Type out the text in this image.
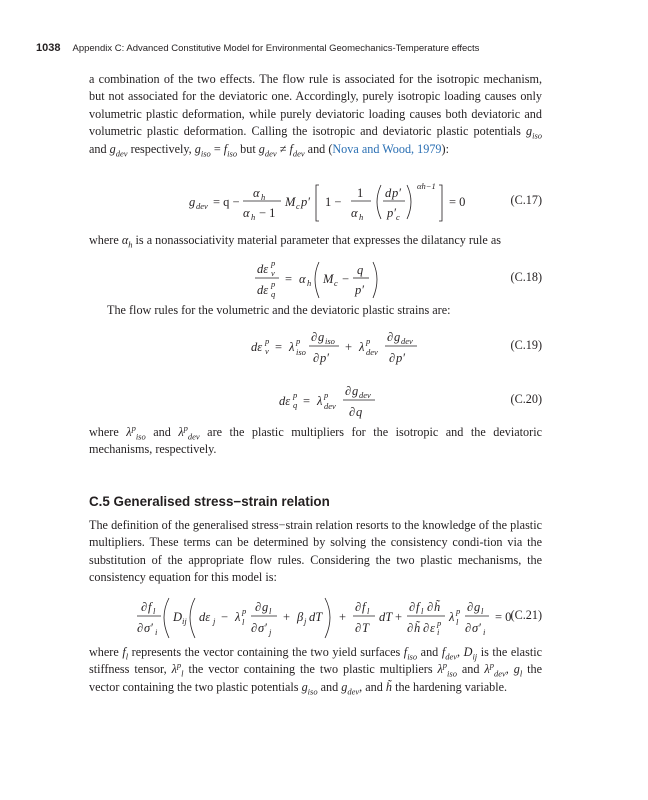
1038 Appendix C: Advanced Constitutive Model for Environmental Geomechanics-Temperature effects

a combination of the two effects. The flow rule is associated for the isotropic mechanism, but not associated for the deviatoric one. Accordingly, purely isotropic loading causes only volumetric plastic deformation, while purely deviatoric loading causes both deviatoric and volumetric plastic deformation. Calling the isotropic and deviatoric plastic potentials $g_{iso}$ and $g_{dev}$ respectively, $g_{iso} = f_{iso}$ but $g_{dev} \ne f_{dev}$ and (Nova and Wood, 1979):

g dev = q −
α h
α h − 1
M c p′ 1 −
1
α h
d p′
p′ c
αh−1
= 0	(C.17)

where $\alpha_h$ is a nonassociativity material parameter that expresses the dilatancy rule as

dε v
p
dε q
p = α h M c −
q
p′
(C.18)

The flow rules for the volumetric and the deviatoric plastic strains are:

dε v
p = λ p
iso
∂ g iso
∂ p′
+ λ p
dev
∂ g dev
∂ p′
(C.19)
dε q
p = λ p
dev
∂ g dev
∂ q
(C.20)

where $\lambda^p_{iso}$ and $\lambda^p_{dev}$ are the plastic multipliers for the isotropic and the deviatoric mechanisms, respectively.

C.5 Generalised stress−strain relation

The definition of the generalised stress−strain relation resorts to the knowledge of the plastic multipliers. These terms can be determined by solving the consistency condi-tion via the substitution of the appropriate flow rules. Considering the two plastic mechanisms, the consistency equation for this model is:

∂ f l
∂ σ′ i
D ij dε j − λ p
l
∂ g l
∂ σ′ j
+ β j dT +
∂ f l
∂ T
dT +
∂ f l ∂ h̃
∂ h̃ ∂ ε i
p λ p
l
∂ g l
∂ σ′ i
= 0 (C.21)

where $f_l$ represents the vector containing the two yield surfaces $f_{iso}$ and $f_{dev}$, $D_{ij}$ is the elastic stiffness tensor, $\lambda^p_l$ the vector containing the two plastic multipliers $\lambda^p_{iso}$ and $\lambda^p_{dev}$, $g_l$ the vector containing the two plastic potentials $g_{iso}$ and $g_{dev}$, and h̃ the hardening variable.
